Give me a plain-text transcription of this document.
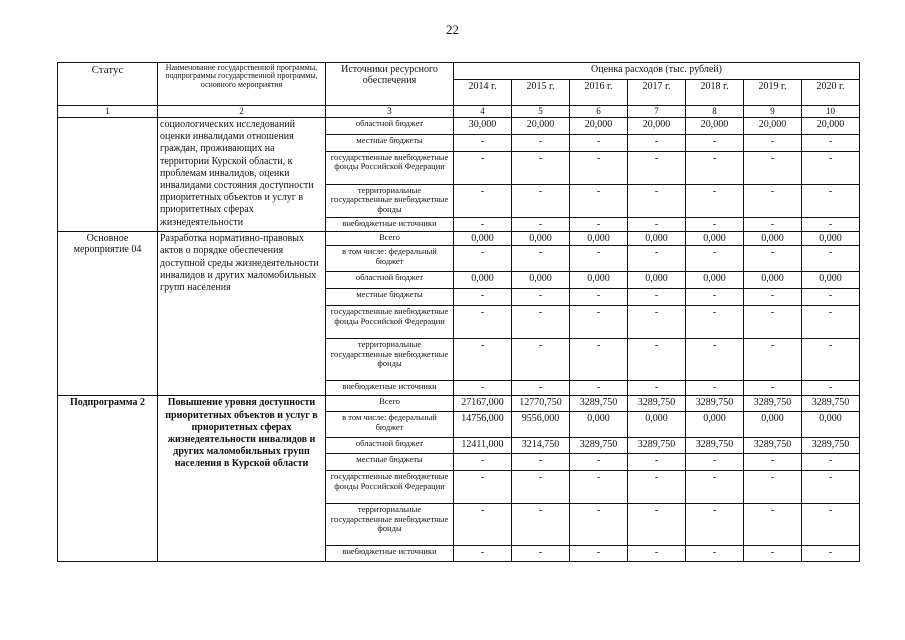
22
Статус	Наименование государственной программы, подпрограммы государственной программы, основного мероприятия	Источники ресурсного обеспечения	Оценка расходов (тыс. рублей)						
			2014 г.	2015 г.	2016 г.	2017 г.	2018 г.	2019 г.	2020 г.
1	2	3	4	5	6	7	8	9	10
	социологических исследований оценки инвалидами отношения граждан, проживающих на территории Курской области, к проблемам инвалидов, оценки инвалидами состояния доступности приоритетных объектов и услуг в приоритетных сферах жизнедеятельности	областной бюджет	30,000	20,000	20,000	20,000	20,000	20,000	20,000
		местные бюджеты	-	-	-	-	-	-	-
		государственные внебюджетные фонды Российской Федерации	-	-	-	-	-	-	-
		территориальные государственные внебюджетные фонды	-	-	-	-	-	-	-
		внебюджетные источники	-	-	-	-	-	-	-
Основное мероприятие 04	Разработка нормативно-правовых актов о порядке обеспечения доступной среды жизнедеятельности инвалидов и других маломобильных групп населения	Всего	0,000	0,000	0,000	0,000	0,000	0,000	0,000
		в том числе: федеральный бюджет	-	-	-	-	-	-	-
		областной бюджет	0,000	0,000	0,000	0,000	0,000	0,000	0,000
		местные бюджеты	-	-	-	-	-	-	-
		государственные внебюджетные фонды Российской Федерации	-	-	-	-	-	-	-
		территориальные государственные внебюджетные фонды	-	-	-	-	-	-	-
		внебюджетные источники	-	-	-	-	-	-	-
Подпрограмма 2	Повышение уровня доступности приоритетных объектов и услуг в приоритетных сферах жизнедеятельности инвалидов и других маломобильных групп населения в Курской области	Всего	27167,000	12770,750	3289,750	3289,750	3289,750	3289,750	3289,750
		в том числе: федеральный бюджет	14756,000	9556,000	0,000	0,000	0,000	0,000	0,000
		областной бюджет	12411,000	3214,750	3289,750	3289,750	3289,750	3289,750	3289,750
		местные бюджеты	-	-	-	-	-	-	-
		государственные внебюджетные фонды Российской Федерации	-	-	-	-	-	-	-
		территориальные государственные внебюджетные фонды	-	-	-	-	-	-	-
		внебюджетные источники	-	-	-	-	-	-	-
